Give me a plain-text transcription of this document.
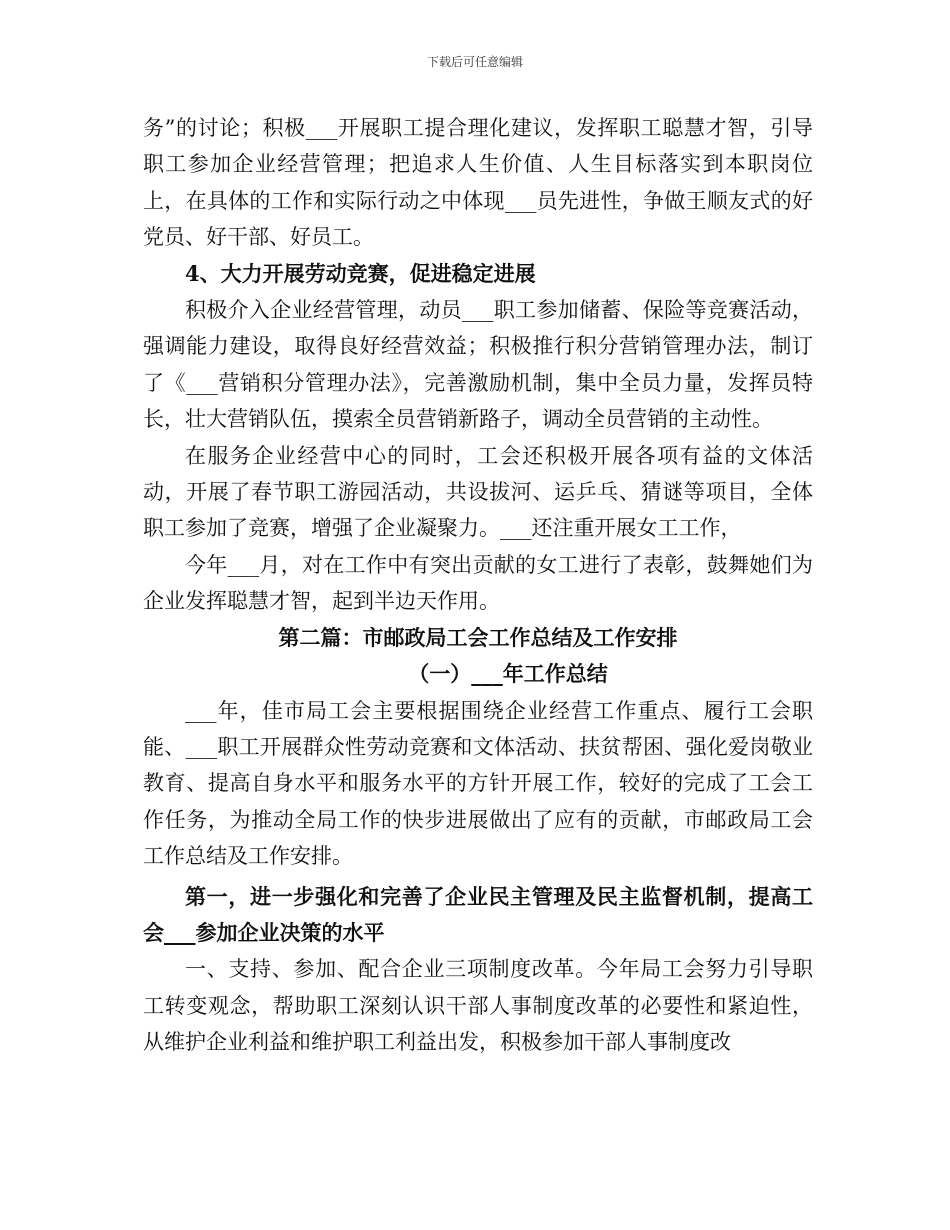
下载后可任意编辑

务”的讨论；积极___开展职工提合理化建议，发挥职工聪慧才智，引导职工参加企业经营管理；把追求人生价值、人生目标落实到本职岗位上，在具体的工作和实际行动之中体现___员先进性，争做王顺友式的好党员、好干部、好员工。

4、大力开展劳动竞赛，促进稳定进展

积极介入企业经营管理，动员___职工参加储蓄、保险等竞赛活动，强调能力建设，取得良好经营效益；积极推行积分营销管理办法，制订了《___营销积分管理办法》，完善激励机制，集中全员力量，发挥员特长，壮大营销队伍，摸索全员营销新路子，调动全员营销的主动性。

在服务企业经营中心的同时，工会还积极开展各项有益的文体活动，开展了春节职工游园活动，共设拔河、运乒乓、猜谜等项目，全体职工参加了竞赛，增强了企业凝聚力。___还注重开展女工工作，

今年___月，对在工作中有突出贡献的女工进行了表彰，鼓舞她们为企业发挥聪慧才智，起到半边天作用。

第二篇：市邮政局工会工作总结及工作安排

（一）___年工作总结

___年，佳市局工会主要根据围绕企业经营工作重点、履行工会职能、___职工开展群众性劳动竞赛和文体活动、扶贫帮困、强化爱岗敬业教育、提高自身水平和服务水平的方针开展工作，较好的完成了工会工作任务，为推动全局工作的快步进展做出了应有的贡献，市邮政局工会工作总结及工作安排。

第一，进一步强化和完善了企业民主管理及民主监督机制，提高工会___参加企业决策的水平

一、支持、参加、配合企业三项制度改革。今年局工会努力引导职工转变观念，帮助职工深刻认识干部人事制度改革的必要性和紧迫性，从维护企业利益和维护职工利益出发，积极参加干部人事制度改
